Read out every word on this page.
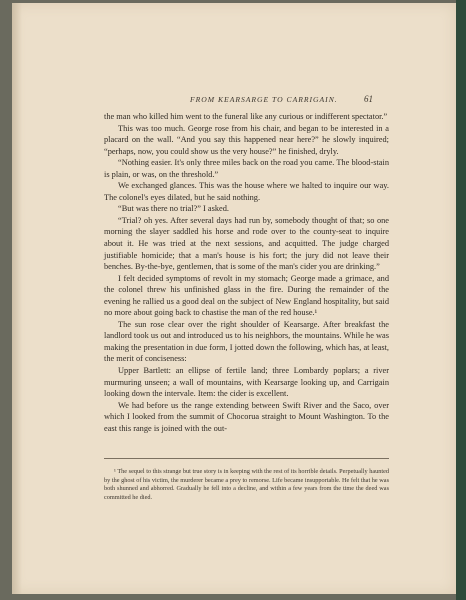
FROM KEARSARGE TO CARRIGAIN.	61

the man who killed him went to the funeral like any curious or indifferent spectator.”

This was too much. George rose from his chair, and began to be interested in a placard on the wall. “And you say this happened near here?” he slowly inquired; “perhaps, now, you could show us the very house?” he finished, dryly.

“Nothing easier. It's only three miles back on the road you came. The blood-stain is plain, or was, on the threshold.”

We exchanged glances. This was the house where we halted to inquire our way. The colonel's eyes dilated, but he said nothing.

“But was there no trial?” I asked.

“Trial? oh yes. After several days had run by, somebody thought of that; so one morning the slayer saddled his horse and rode over to the county-seat to inquire about it. He was tried at the next sessions, and acquitted. The judge charged justifiable homicide; that a man's house is his fort; the jury did not leave their benches. By-the-bye, gentlemen, that is some of the man's cider you are drinking.”

I felt decided symptoms of revolt in my stomach; George made a grimace, and the colonel threw his unfinished glass in the fire. During the remainder of the evening he rallied us a good deal on the subject of New England hospitality, but said no more about going back to chastise the man of the red house.¹

The sun rose clear over the right shoulder of Kearsarge. After breakfast the landlord took us out and introduced us to his neighbors, the mountains. While he was making the presentation in due form, I jotted down the following, which has, at least, the merit of conciseness:

Upper Bartlett: an ellipse of fertile land; three Lombardy poplars; a river murmuring unseen; a wall of mountains, with Kearsarge looking up, and Carrigain looking down the intervale. Item: the cider is excellent.

We had before us the range extending between Swift River and the Saco, over which I looked from the summit of Chocorua straight to Mount Washington. To the east this range is joined with the out-

¹ The sequel to this strange but true story is in keeping with the rest of its horrible details. Perpetually haunted by the ghost of his victim, the murderer became a prey to remorse. Life became insupportable. He felt that he was both shunned and abhorred. Gradually he fell into a decline, and within a few years from the time the deed was committed he died.
